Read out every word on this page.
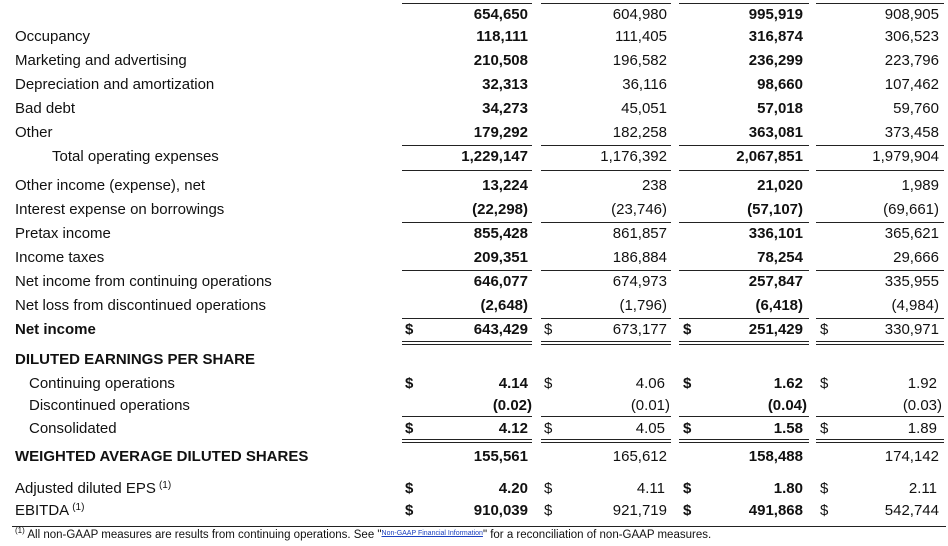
654,650	604,980	995,919	908,905
Occupancy	118,111	111,405	316,874	306,523
Marketing and advertising	210,508	196,582	236,299	223,796
Depreciation and amortization	32,313	36,116	98,660	107,462
Bad debt	34,273	45,051	57,018	59,760
Other	179,292	182,258	363,081	373,458
Total operating expenses	1,229,147	1,176,392	2,067,851	1,979,904
Other income (expense), net	13,224	238	21,020	1,989
Interest expense on borrowings	(22,298)	(23,746)	(57,107)	(69,661)
Pretax income	855,428	861,857	336,101	365,621
Income taxes	209,351	186,884	78,254	29,666
Net income from continuing operations	646,077	674,973	257,847	335,955
Net loss from discontinued operations	(2,648)	(1,796)	(6,418)	(4,984)
Net income	$	643,429 $	673,177 $	251,429 $	330,971
DILUTED EARNINGS PER SHARE
Continuing operations	$	4.14 $	4.06 $	1.62 $	1.92
Discontinued operations	(0.02)	(0.01)	(0.04)	(0.03)
Consolidated	$	4.12 $	4.05 $	1.58 $	1.89
WEIGHTED AVERAGE DILUTED SHARES	155,561	165,612	158,488	174,142
Adjusted diluted EPS $^{(1)}$	$	4.20 $	4.11 $	1.80 $	2.11
EBITDA $^{(1)}$	$	910,039 $	921,719 $	491,868 $	542,744
$^{(1)}$ All non-GAAP measures are results from continuing operations. See "$^{Non-GAAP Financial Information}$" for a reconciliation of non-GAAP measures.
